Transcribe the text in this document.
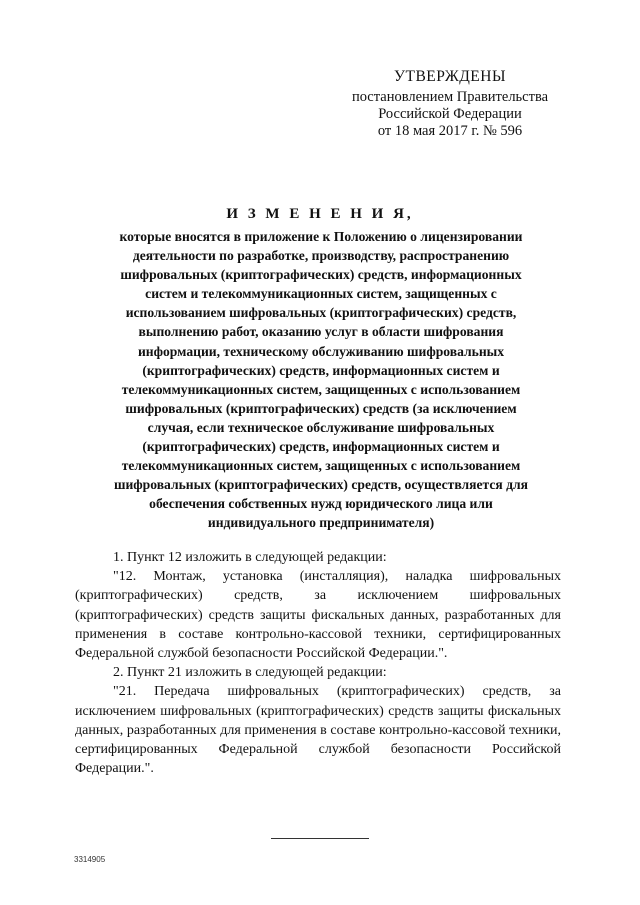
УТВЕРЖДЕНЫ
постановлением Правительства
Российской Федерации
от 18 мая 2017 г. № 596
И З М Е Н Е Н И Я,
которые вносятся в приложение к Положению о лицензировании
деятельности по разработке, производству, распространению
шифровальных (криптографических) средств, информационных
систем и телекоммуникационных систем, защищенных с
использованием шифровальных (криптографических) средств,
выполнению работ, оказанию услуг в области шифрования
информации, техническому обслуживанию шифровальных
(криптографических) средств, информационных систем и
телекоммуникационных систем, защищенных с использованием
шифровальных (криптографических) средств (за исключением
случая, если техническое обслуживание шифровальных
(криптографических) средств, информационных систем и
телекоммуникационных систем, защищенных с использованием
шифровальных (криптографических) средств, осуществляется для
обеспечения собственных нужд юридического лица или
индивидуального предпринимателя)

1. Пункт 12 изложить в следующей редакции:

"12. Монтаж, установка (инсталляция), наладка шифровальных (криптографических) средств, за исключением шифровальных (криптографических) средств защиты фискальных данных, разработанных для применения в составе контрольно-кассовой техники, сертифицированных Федеральной службой безопасности Российской Федерации.".

2. Пункт 21 изложить в следующей редакции:

"21. Передача шифровальных (криптографических) средств, за исключением шифровальных (криптографических) средств защиты фискальных данных, разработанных для применения в составе контрольно-кассовой техники, сертифицированных Федеральной службой безопасности Российской Федерации.".

3314905
